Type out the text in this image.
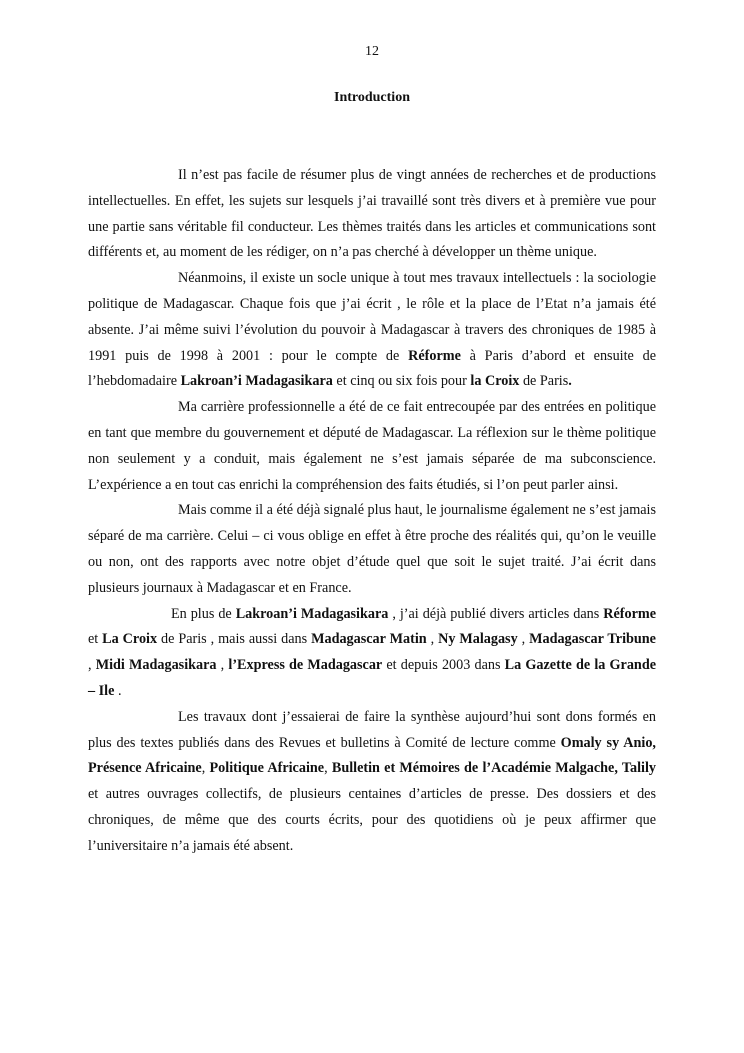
12
Introduction

Il n’est pas facile de résumer plus de vingt années de recherches et de productions intellectuelles. En effet, les sujets sur lesquels j’ai travaillé sont très divers et à première vue pour une partie sans véritable fil conducteur. Les thèmes traités dans les articles et communications sont différents et, au moment de les rédiger, on n’a pas cherché à développer un thème unique.

Néanmoins, il existe un socle unique à tout mes travaux intellectuels : la sociologie politique de Madagascar. Chaque fois que j’ai écrit , le rôle et la place de l’Etat n’a jamais été absente. J’ai même suivi l’évolution du pouvoir à Madagascar à travers des chroniques de 1985 à 1991 puis de 1998 à 2001 : pour le compte de Réforme à Paris d’abord et ensuite de l’hebdomadaire Lakroan’i Madagasikara et cinq ou six fois pour la Croix de Paris.

Ma carrière professionnelle a été de ce fait entrecoupée par des entrées en politique en tant que membre du gouvernement et député de Madagascar. La réflexion sur le thème politique non seulement y a conduit, mais également ne s’est jamais séparée de ma subconscience. L’expérience a en tout cas enrichi la compréhension des faits étudiés, si l’on peut parler ainsi.

Mais comme il a été déjà signalé plus haut, le journalisme également ne s’est jamais séparé de ma carrière. Celui – ci vous oblige en effet à être proche des réalités qui, qu’on le veuille ou non, ont des rapports avec notre objet d’étude quel que soit le sujet traité. J’ai écrit dans plusieurs journaux à Madagascar et en France.

En plus de Lakroan’i Madagasikara , j’ai déjà publié divers articles dans Réforme et La Croix de Paris , mais aussi dans Madagascar Matin , Ny Malagasy , Madagascar Tribune , Midi Madagasikara , l’Express de Madagascar et depuis 2003 dans La Gazette de la Grande – Ile .

Les travaux dont j’essaierai de faire la synthèse aujourd’hui sont dons formés en plus des textes publiés dans des Revues et bulletins à Comité de lecture comme Omaly sy Anio, Présence Africaine, Politique Africaine, Bulletin et Mémoires de l’Académie Malgache, Talily et autres ouvrages collectifs, de plusieurs centaines d’articles de presse. Des dossiers et des chroniques, de même que des courts écrits, pour des quotidiens où je peux affirmer que l’universitaire n’a jamais été absent.
